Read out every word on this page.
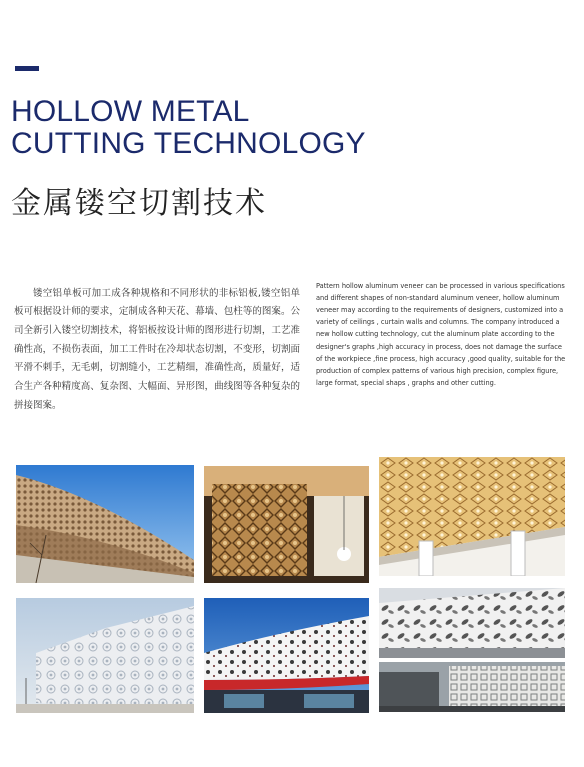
HOLLOW METAL
CUTTING TECHNOLOGY
金属镂空切割技术

镂空铝单板可加工成各种规格和不同形状的非标铝板,镂空铝单板可根据设计师的要求，定制成各种天花、幕墙、包柱等的图案。公司全新引入镂空切割技术，将铝板按设计师的图形进行切割，工艺准确性高，不损伤表面，加工工件时在冷却状态切割，不变形，切割面平滑不刺手，无毛刺，切割缝小，工艺精细，准确性高，质量好，适合生产各种精度高、复杂图、大幅面、异形图，曲线图等各种复杂的拼接图案。

Pattern hollow aluminum veneer can be processed in various specifications and different shapes of non-standard aluminum veneer, hollow aluminum veneer may according to the requirements of designers, customized into a variety of ceilings , curtain walls and columns. The company introduced a new hollow cutting technology, cut the aluminum plate according to the designer's graphs ,high accuracy in process, does not damage the surface of the workpiece ,fine process, high accuracy ,good quality, suitable for the production of complex patterns of various high precision, complex figure, large format, special shaps , graphs and other cutting.
